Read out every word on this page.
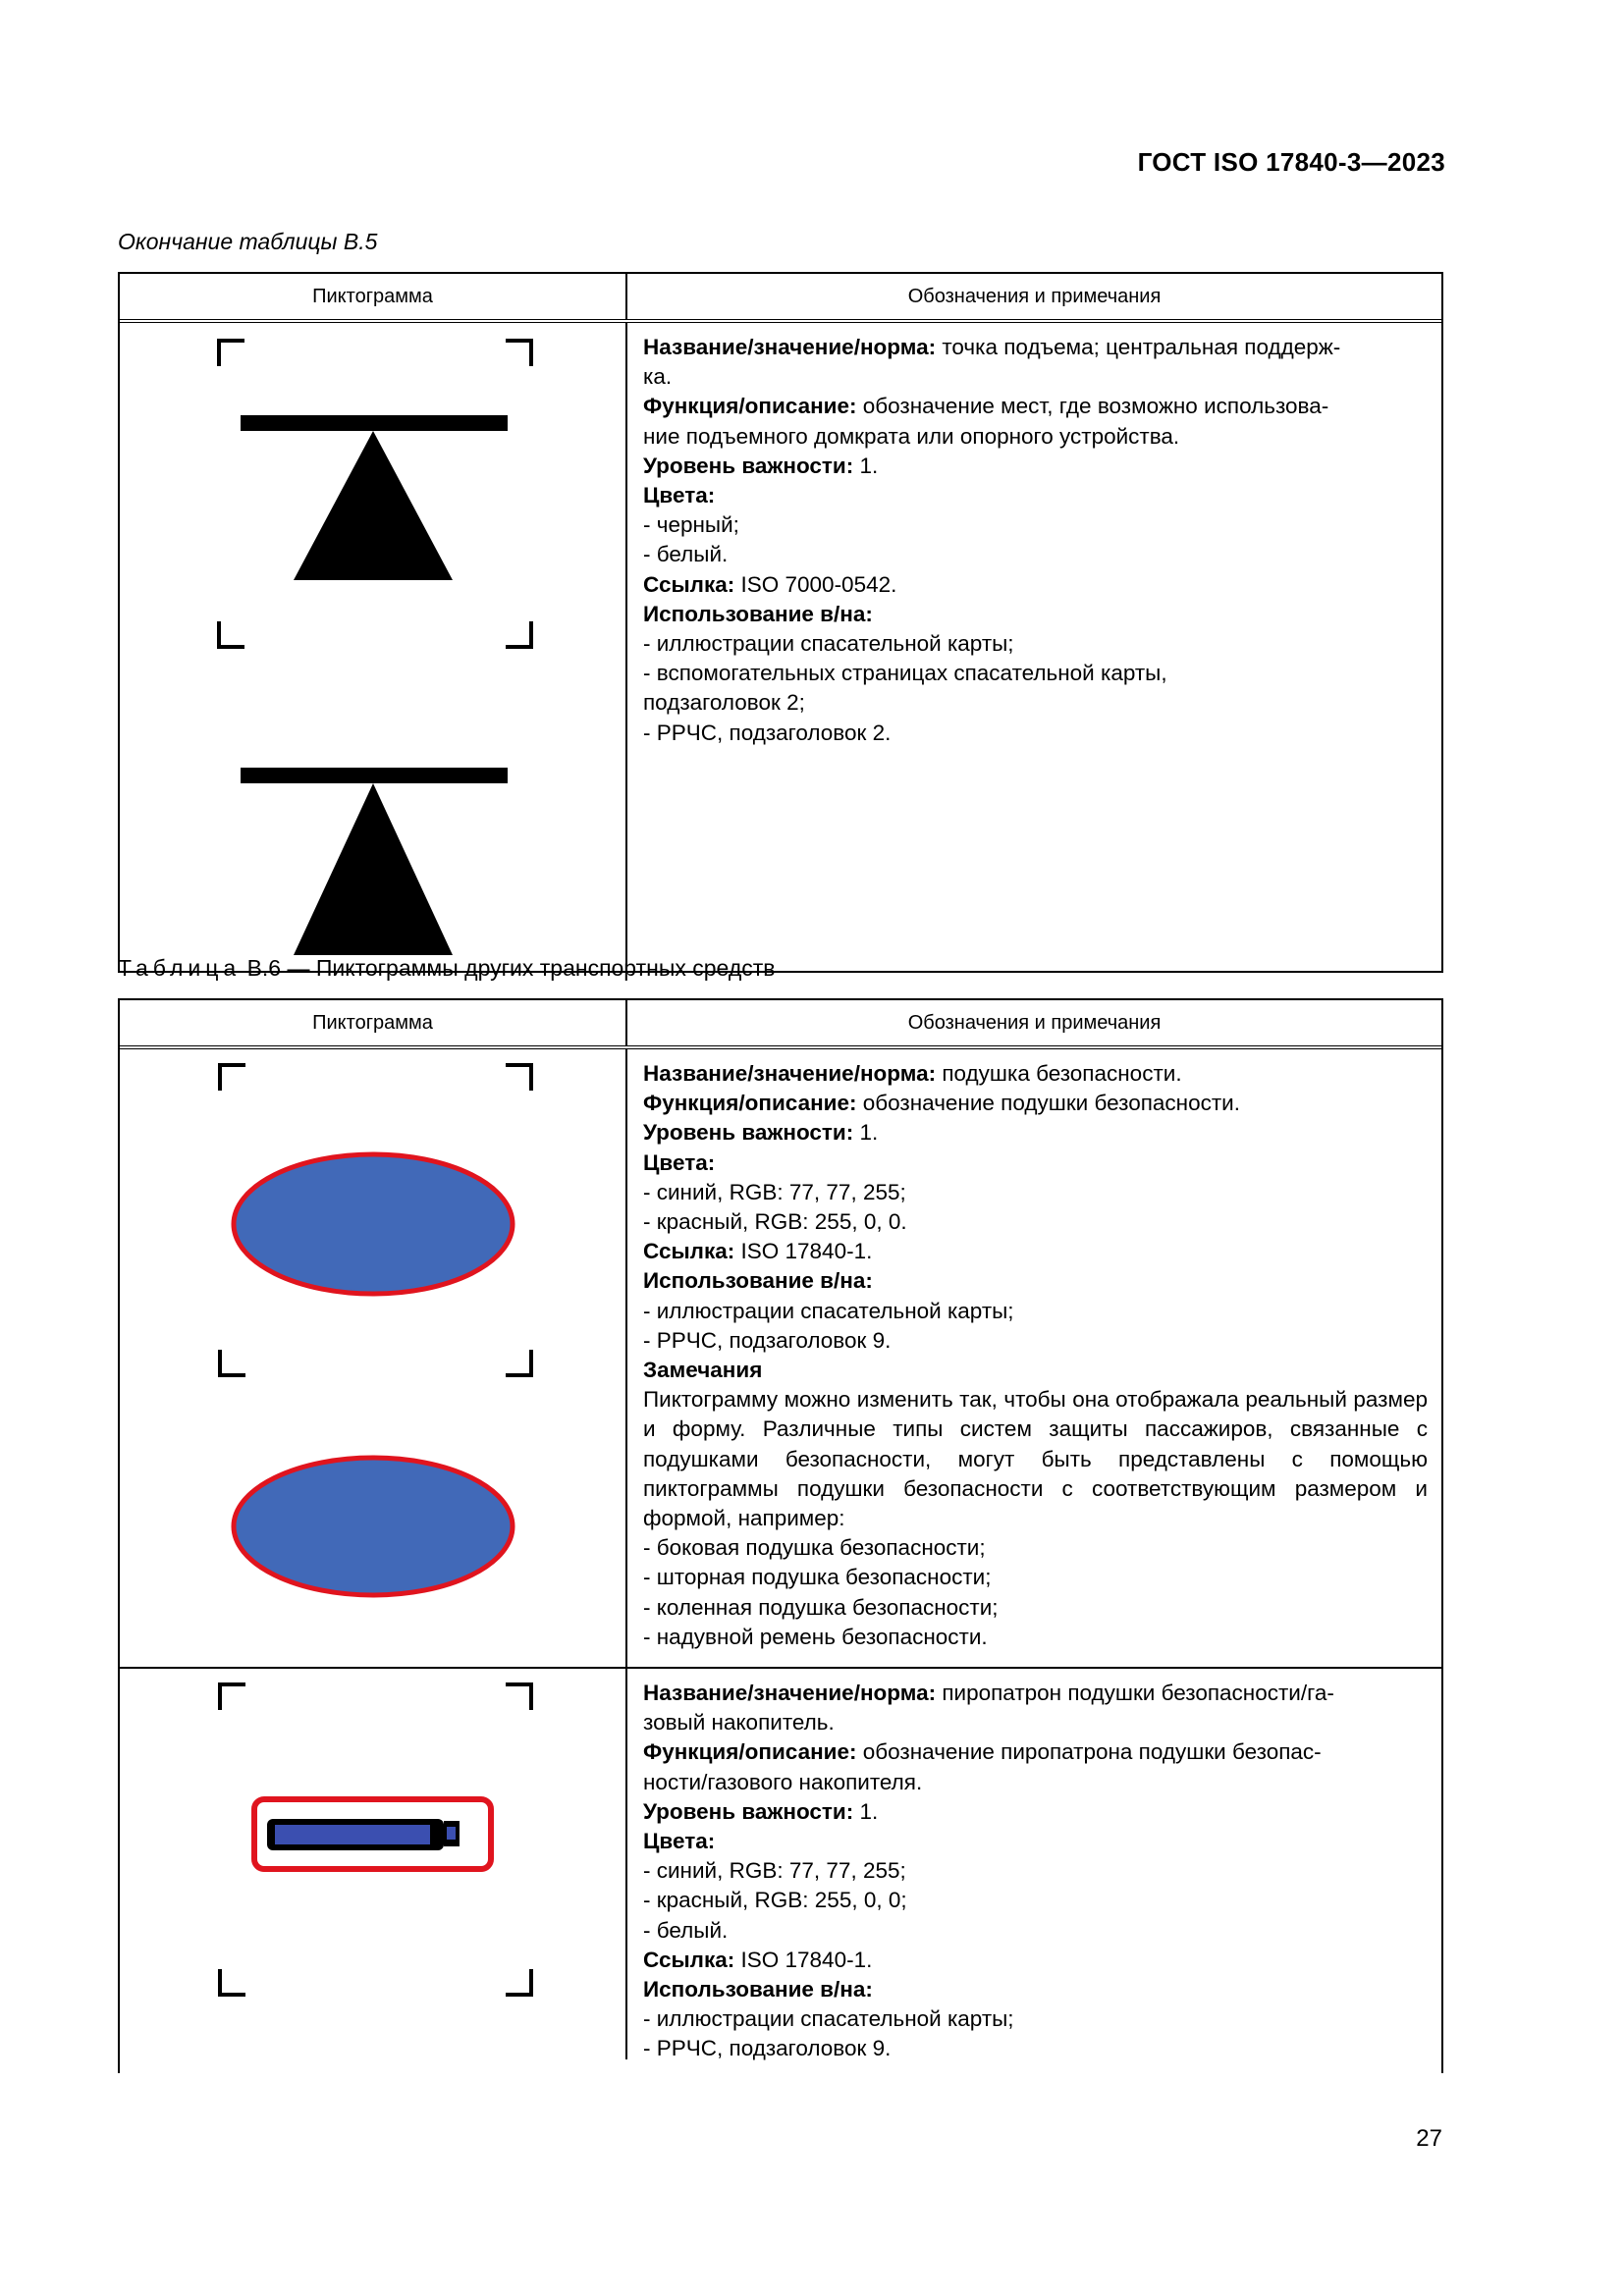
ГОСТ ISO 17840-3—2023
Окончание таблицы В.5
Пиктограмма	Обозначения и примечания

Название/значение/норма: точка подъема; центральная поддерж-

ка.

Функция/описание: обозначение мест, где возможно использова-

ние подъемного домкрата или опорного устройства.

Уровень важности: 1.

Цвета:

- черный;

- белый.

Ссылка: ISO 7000-0542.

Использование в/на:

- иллюстрации спасательной карты;

- вспомогательных страницах спасательной карты,

подзаголовок 2;

- РРЧС, подзаголовок 2.

Таблица В.6 — Пиктограммы других транспортных средств
Пиктограмма	Обозначения и примечания

Название/значение/норма: подушка безопасности.

Функция/описание: обозначение подушки безопасности.

Уровень важности: 1.

Цвета:

- синий, RGB: 77, 77, 255;

- красный, RGB: 255, 0, 0.

Ссылка: ISO 17840-1.

Использование в/на:

- иллюстрации спасательной карты;

- РРЧС, подзаголовок 9.

Замечания

Пиктограмму можно изменить так, чтобы она отображала реальный размер и форму. Различные типы систем защиты пассажиров, связанные с подушками безопасности, могут быть представлены с помощью пиктограммы подушки безопасности с соответствующим размером и формой, например:

- боковая подушка безопасности;

- шторная подушка безопасности;

- коленная подушка безопасности;

- надувной ремень безопасности.

Название/значение/норма: пиропатрон подушки безопасности/га-

зовый накопитель.

Функция/описание: обозначение пиропатрона подушки безопас-

ности/газового накопителя.

Уровень важности: 1.

Цвета:

- синий, RGB: 77, 77, 255;

- красный, RGB: 255, 0, 0;

- белый.

Ссылка: ISO 17840-1.

Использование в/на:

- иллюстрации спасательной карты;

- РРЧС, подзаголовок 9.

27
